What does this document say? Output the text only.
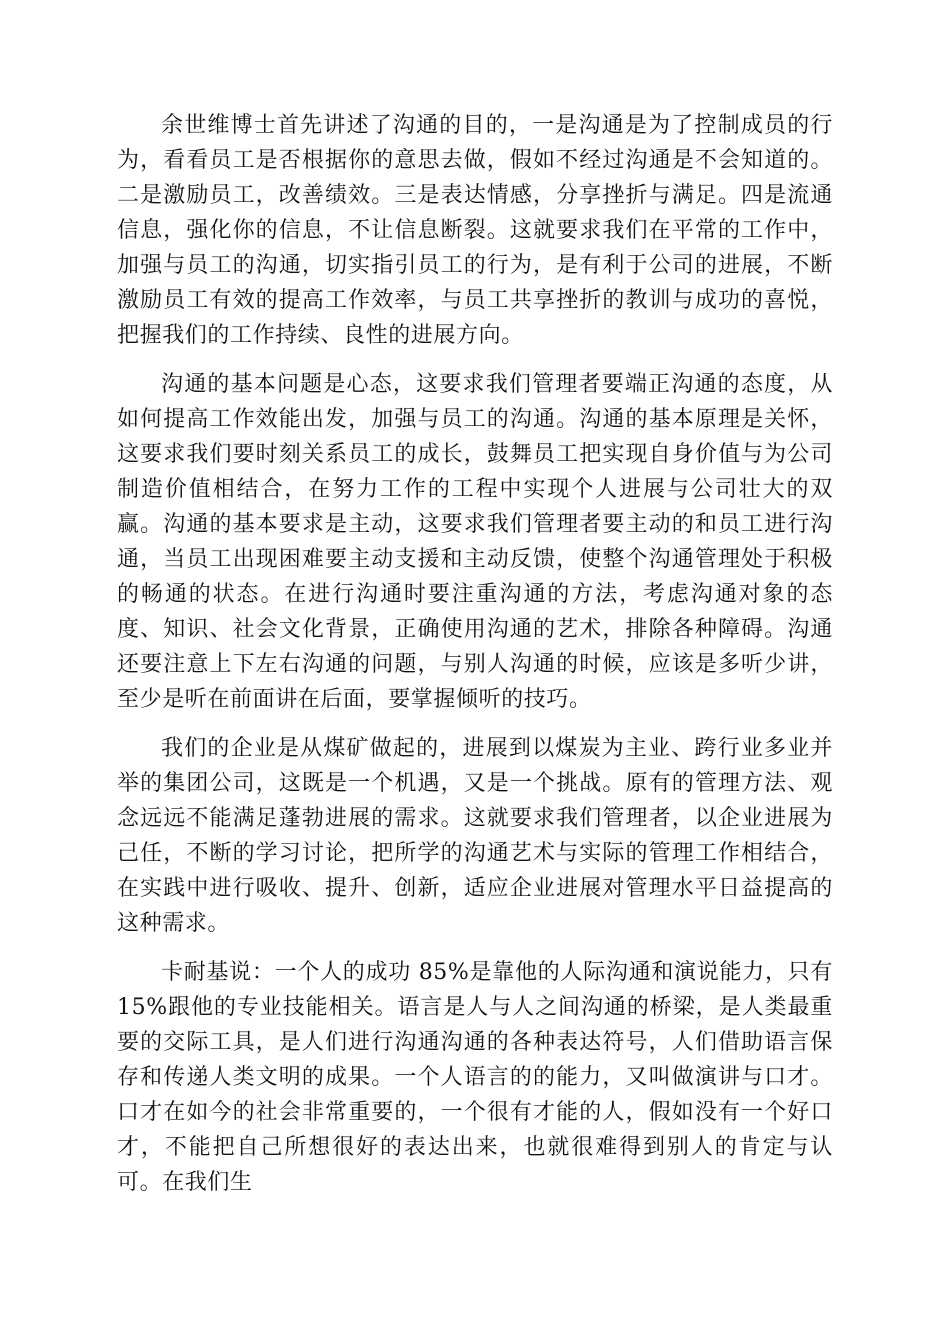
余世维博士首先讲述了沟通的目的，一是沟通是为了控制成员的行为，看看员工是否根据你的意思去做，假如不经过沟通是不会知道的。二是激励员工，改善绩效。三是表达情感，分享挫折与满足。四是流通信息，强化你的信息，不让信息断裂。这就要求我们在平常的工作中，加强与员工的沟通，切实指引员工的行为，是有利于公司的进展，不断激励员工有效的提高工作效率，与员工共享挫折的教训与成功的喜悦，把握我们的工作持续、良性的进展方向。

沟通的基本问题是心态，这要求我们管理者要端正沟通的态度，从如何提高工作效能出发，加强与员工的沟通。沟通的基本原理是关怀，这要求我们要时刻关系员工的成长，鼓舞员工把实现自身价值与为公司制造价值相结合，在努力工作的工程中实现个人进展与公司壮大的双赢。沟通的基本要求是主动，这要求我们管理者要主动的和员工进行沟通，当员工出现困难要主动支援和主动反馈，使整个沟通管理处于积极的畅通的状态。在进行沟通时要注重沟通的方法，考虑沟通对象的态度、知识、社会文化背景，正确使用沟通的艺术，排除各种障碍。沟通还要注意上下左右沟通的问题，与别人沟通的时候，应该是多听少讲，至少是听在前面讲在后面，要掌握倾听的技巧。

我们的企业是从煤矿做起的，进展到以煤炭为主业、跨行业多业并举的集团公司，这既是一个机遇，又是一个挑战。原有的管理方法、观念远远不能满足蓬勃进展的需求。这就要求我们管理者，以企业进展为己任，不断的学习讨论，把所学的沟通艺术与实际的管理工作相结合，在实践中进行吸收、提升、创新，适应企业进展对管理水平日益提高的这种需求。

卡耐基说：一个人的成功 85%是靠他的人际沟通和演说能力，只有15%跟他的专业技能相关。语言是人与人之间沟通的桥梁，是人类最重要的交际工具，是人们进行沟通沟通的各种表达符号，人们借助语言保存和传递人类文明的成果。一个人语言的的能力，又叫做演讲与口才。口才在如今的社会非常重要的，一个很有才能的人，假如没有一个好口才，不能把自己所想很好的表达出来，也就很难得到别人的肯定与认可。在我们生
